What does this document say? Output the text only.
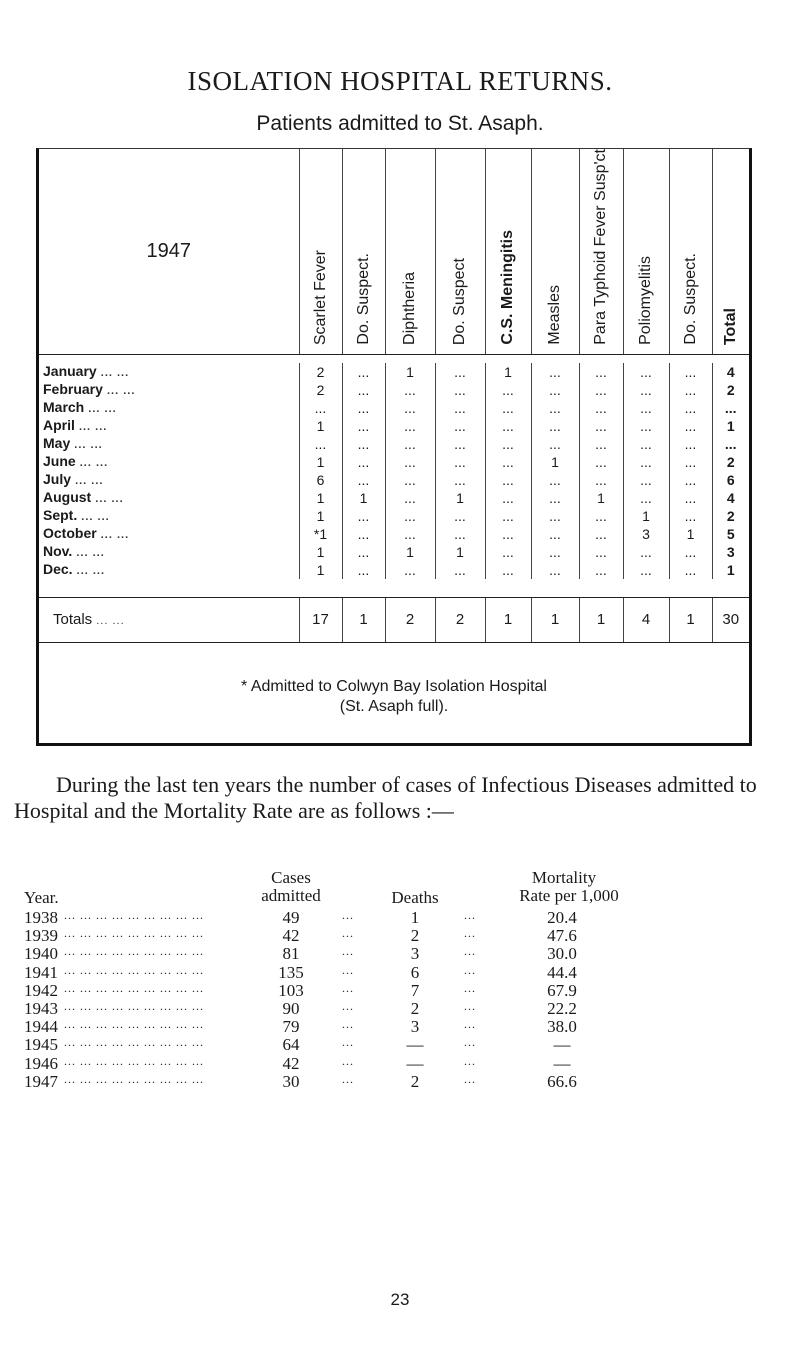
ISOLATION HOSPITAL RETURNS.
Patients admitted to St. Asaph.
1947	Scarlet Fever	Do. Suspect.	Diphtheria	Do. Suspect	C.S. Meningitis	Measles	Para Typhoid Fever Susp'ct	Poliomyelitis	Do. Suspect.	Total

January ... ...	2	...	1	...	1	...	...	...	...	4
February ... ...	2	...	...	...	...	...	...	...	...	2
March ... ...	...	...	...	...	...	...	...	...	...	...
April ... ...	1	...	...	...	...	...	...	...	...	1
May ... ...	...	...	...	...	...	...	...	...	...	...
June ... ...	1	...	...	...	...	1	...	...	...	2
July ... ...	6	...	...	...	...	...	...	...	...	6
August ... ...	1	1	...	1	...	...	1	...	...	4
Sept. ... ...	1	...	...	...	...	...	...	1	...	2
October ... ...	*1	...	...	...	...	...	...	3	1	5
Nov. ... ...	1	...	1	1	...	...	...	...	...	3
Dec. ... ...	1	...	...	...	...	...	...	...	...	1

Totals ... ...	17	1	2	2	1	1	1	4	1	30
* Admitted to Colwyn Bay Isolation Hospital
(St. Asaph full).
During the last ten years the number of cases of Infectious Diseases admitted to Hospital and the Mortality Rate are as follows :—
Year.
Cases
admitted	Deaths
Mortality
Rate per 1,000
1938 ... ... ... ... ... ... ... ... ...	49	...	1	...	20.4
1939 ... ... ... ... ... ... ... ... ...	42	...	2	...	47.6
1940 ... ... ... ... ... ... ... ... ...	81	...	3	...	30.0
1941 ... ... ... ... ... ... ... ... ...	135	...	6	...	44.4
1942 ... ... ... ... ... ... ... ... ...	103	...	7	...	67.9
1943 ... ... ... ... ... ... ... ... ...	90	...	2	...	22.2
1944 ... ... ... ... ... ... ... ... ...	79	...	3	...	38.0
1945 ... ... ... ... ... ... ... ... ...	64	...	—	...	—
1946 ... ... ... ... ... ... ... ... ...	42	...	—	...	—
1947 ... ... ... ... ... ... ... ... ...	30	...	2	...	66.6
23
